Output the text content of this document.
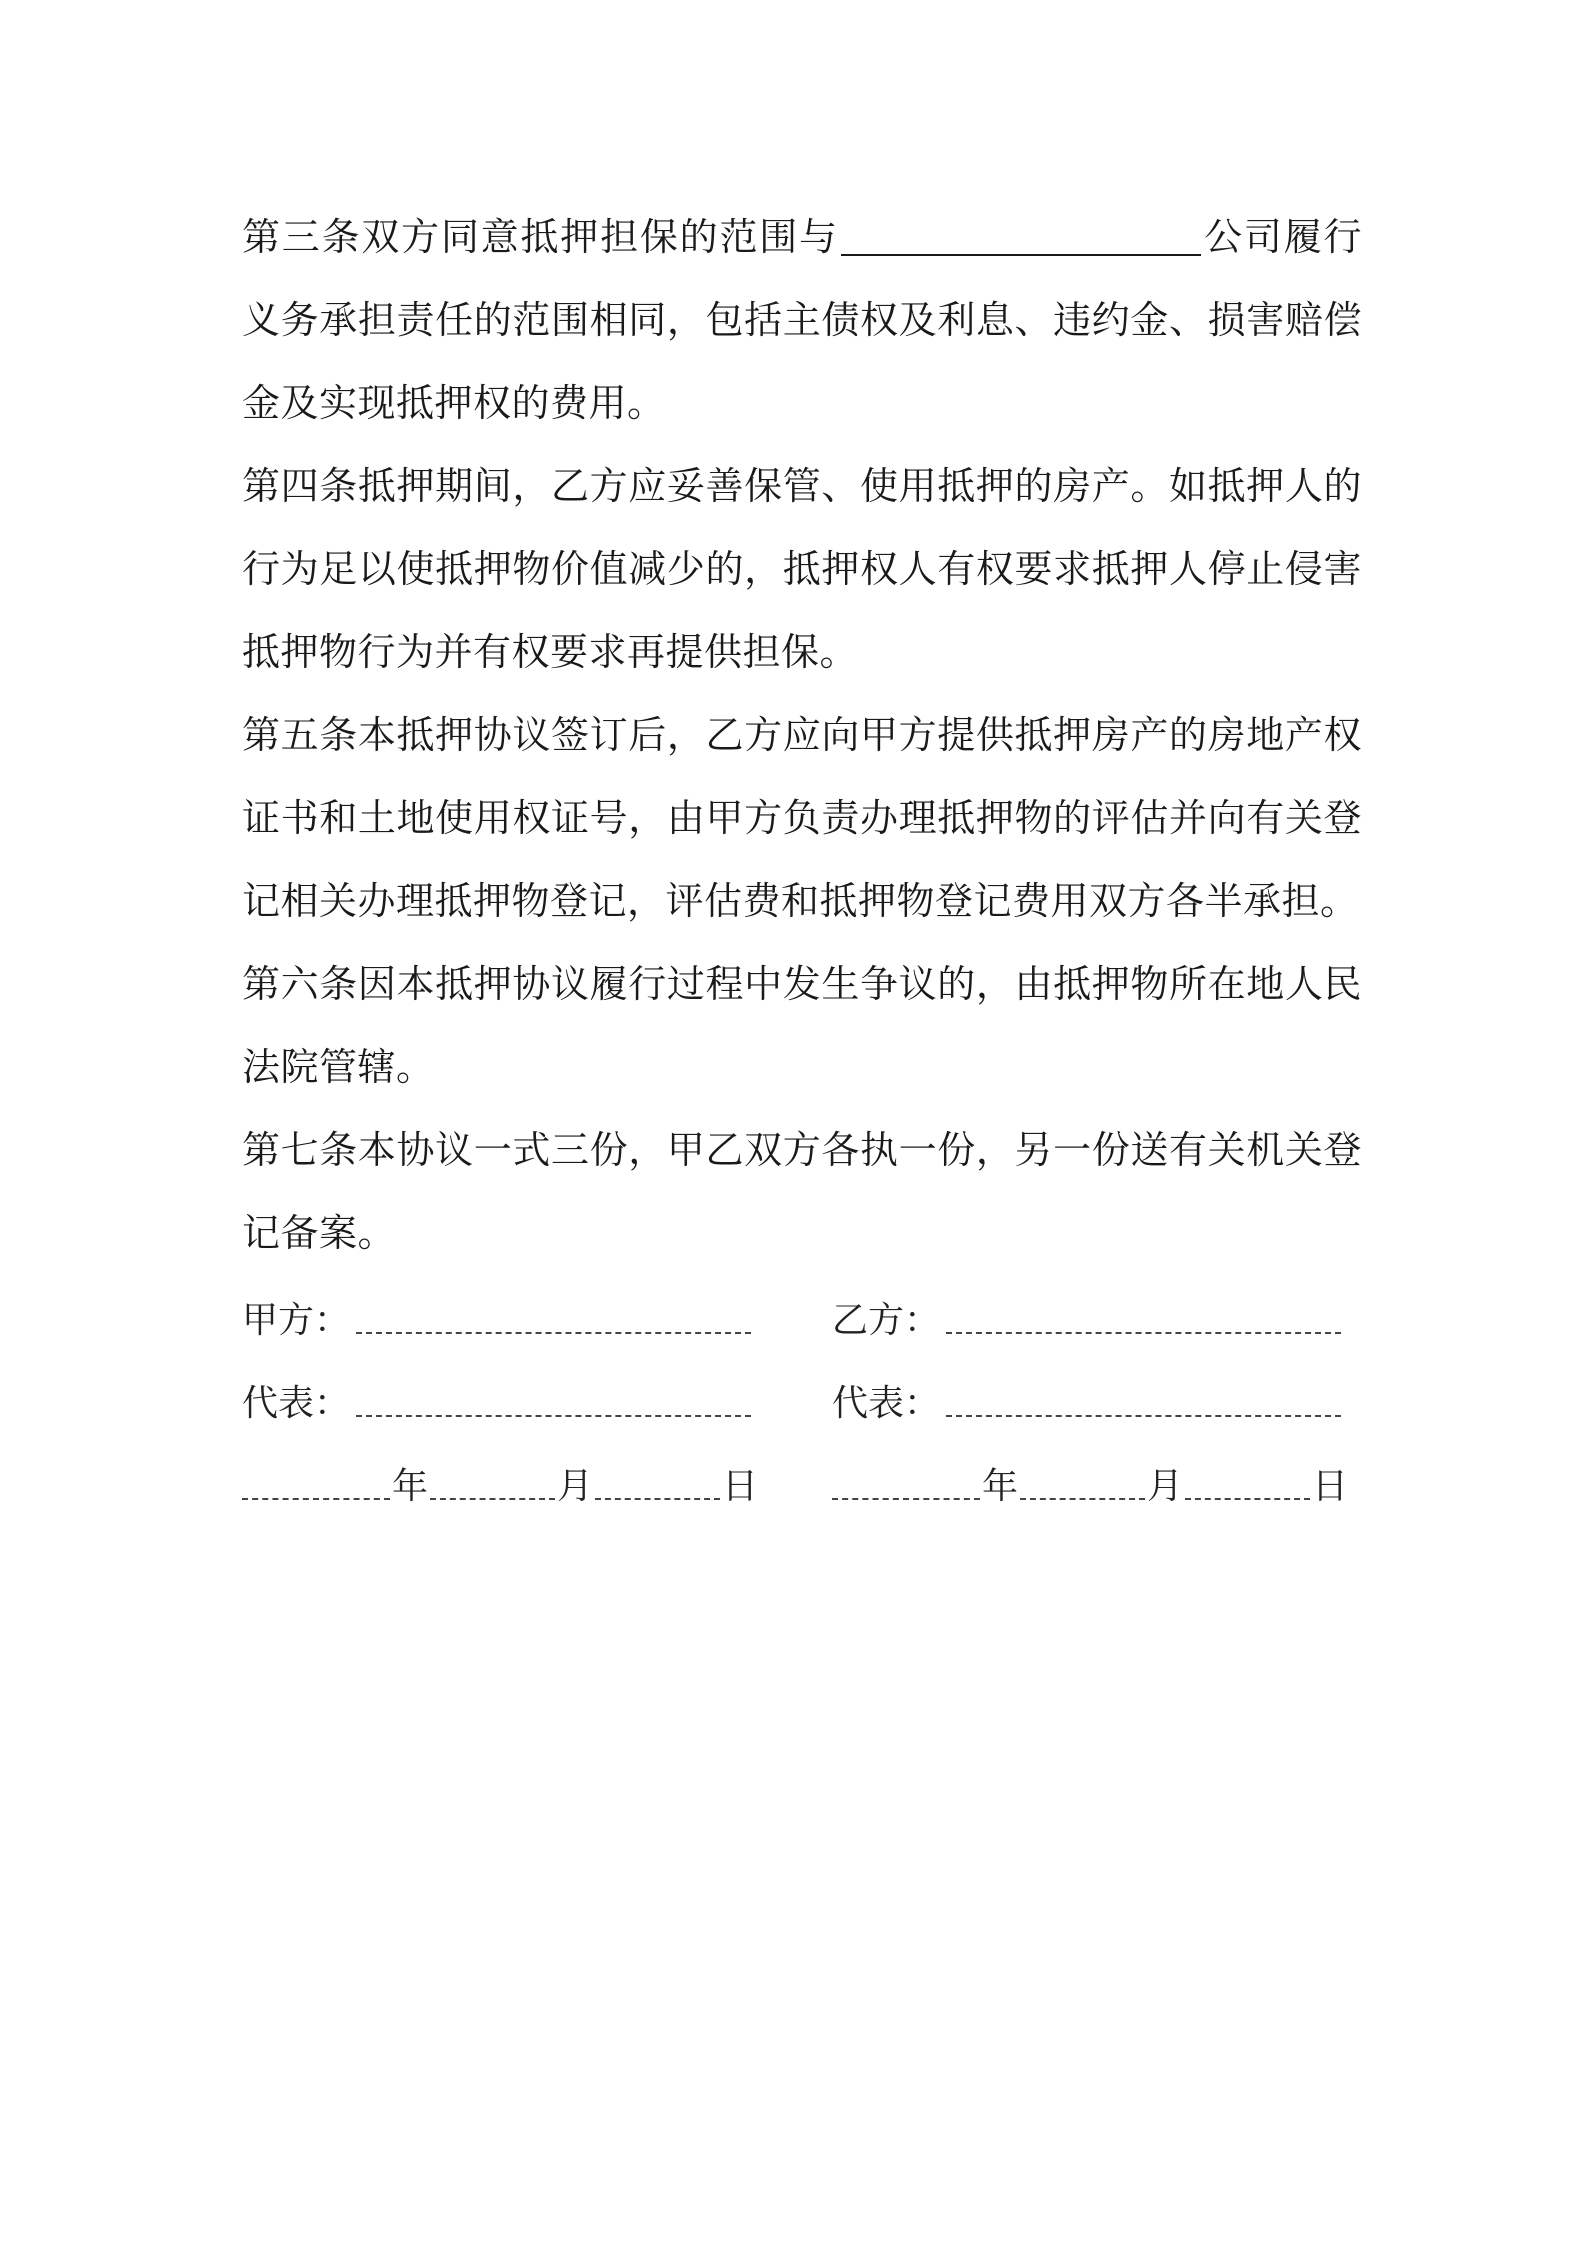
第三条双方同意抵押担保的范围与	公司履行义务承担责任的范围相同，包括主债权及利息、违约金、损害赔偿金及实现抵押权的费用。

第四条抵押期间，乙方应妥善保管、使用抵押的房产。如抵押人的行为足以使抵押物价值减少的，抵押权人有权要求抵押人停止侵害抵押物行为并有权要求再提供担保。

第五条本抵押协议签订后，乙方应向甲方提供抵押房产的房地产权证书和土地使用权证号，由甲方负责办理抵押物的评估并向有关登记相关办理抵押物登记，评估费和抵押物登记费用双方各半承担。

第六条因本抵押协议履行过程中发生争议的，由抵押物所在地人民法院管辖。

第七条本协议一式三份，甲乙双方各执一份，另一份送有关机关登记备案。

甲方：	乙方：
代表：	代表：
年	月	日	年	月	日
